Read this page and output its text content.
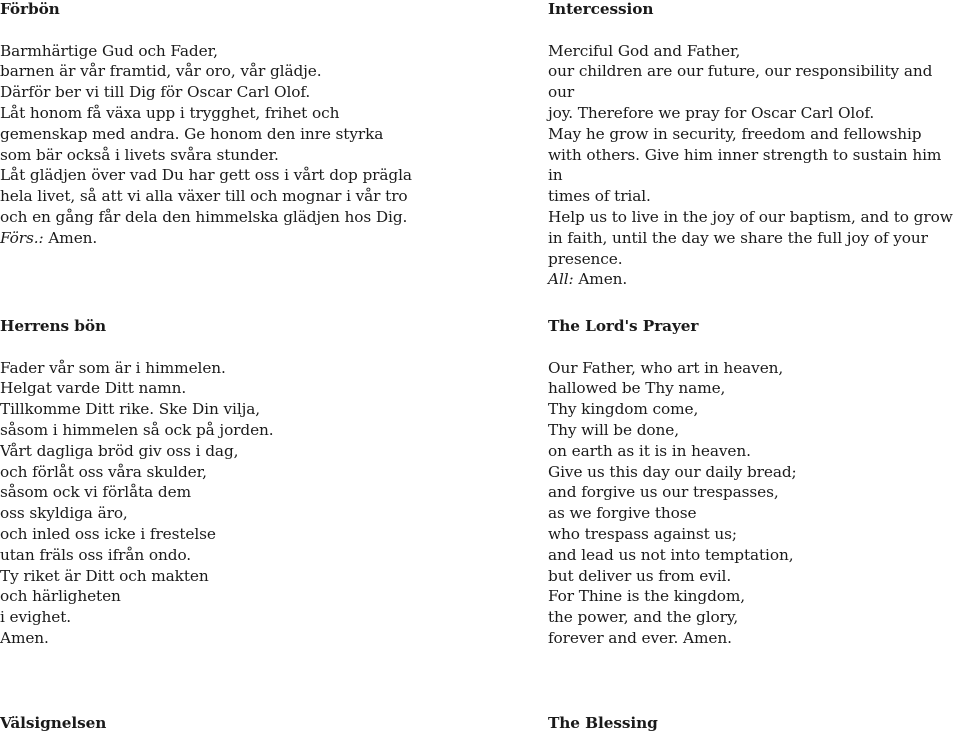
Förbön

Barmhärtige Gud och Fader,
barnen är vår framtid, vår oro, vår glädje.
Därför ber vi till Dig för Oscar Carl Olof.
Låt honom få växa upp i trygghet, frihet och
gemenskap med andra. Ge honom den inre styrka
som bär också i livets svåra stunder.
Låt glädjen över vad Du har gett oss i vårt dop prägla
hela livet, så att vi alla växer till och mognar i vår tro
och en gång får dela den himmelska glädjen hos Dig.
Förs.: Amen.

Intercession

Merciful God and Father,
our children are our future, our responsibility and our
joy. Therefore we pray for Oscar Carl Olof.
May he grow in security, freedom and fellowship
with others. Give him inner strength to sustain him in
times of trial.
Help us to live in the joy of our baptism, and to grow
in faith, until the day we share the full joy of your
presence.
All: Amen.

Herrens bön

Fader vår som är i himmelen.
Helgat varde Ditt namn.
Tillkomme Ditt rike. Ske Din vilja,
såsom i himmelen så ock på jorden.
Vårt dagliga bröd giv oss i dag,
och förlåt oss våra skulder,
såsom ock vi förlåta dem
oss skyldiga äro,
och inled oss icke i frestelse
utan fräls oss ifrån ondo.
Ty riket är Ditt och makten
och härligheten
i evighet.
Amen.

The Lord's Prayer

Our Father, who art in heaven,
hallowed be Thy name,
Thy kingdom come,
Thy will be done,
on earth as it is in heaven.
Give us this day our daily bread;
and forgive us our trespasses,
as we forgive those
who trespass against us;
and lead us not into temptation,
but deliver us from evil.
For Thine is the kingdom,
the power, and the glory,
forever and ever. Amen.

Välsignelsen	The Blessing
